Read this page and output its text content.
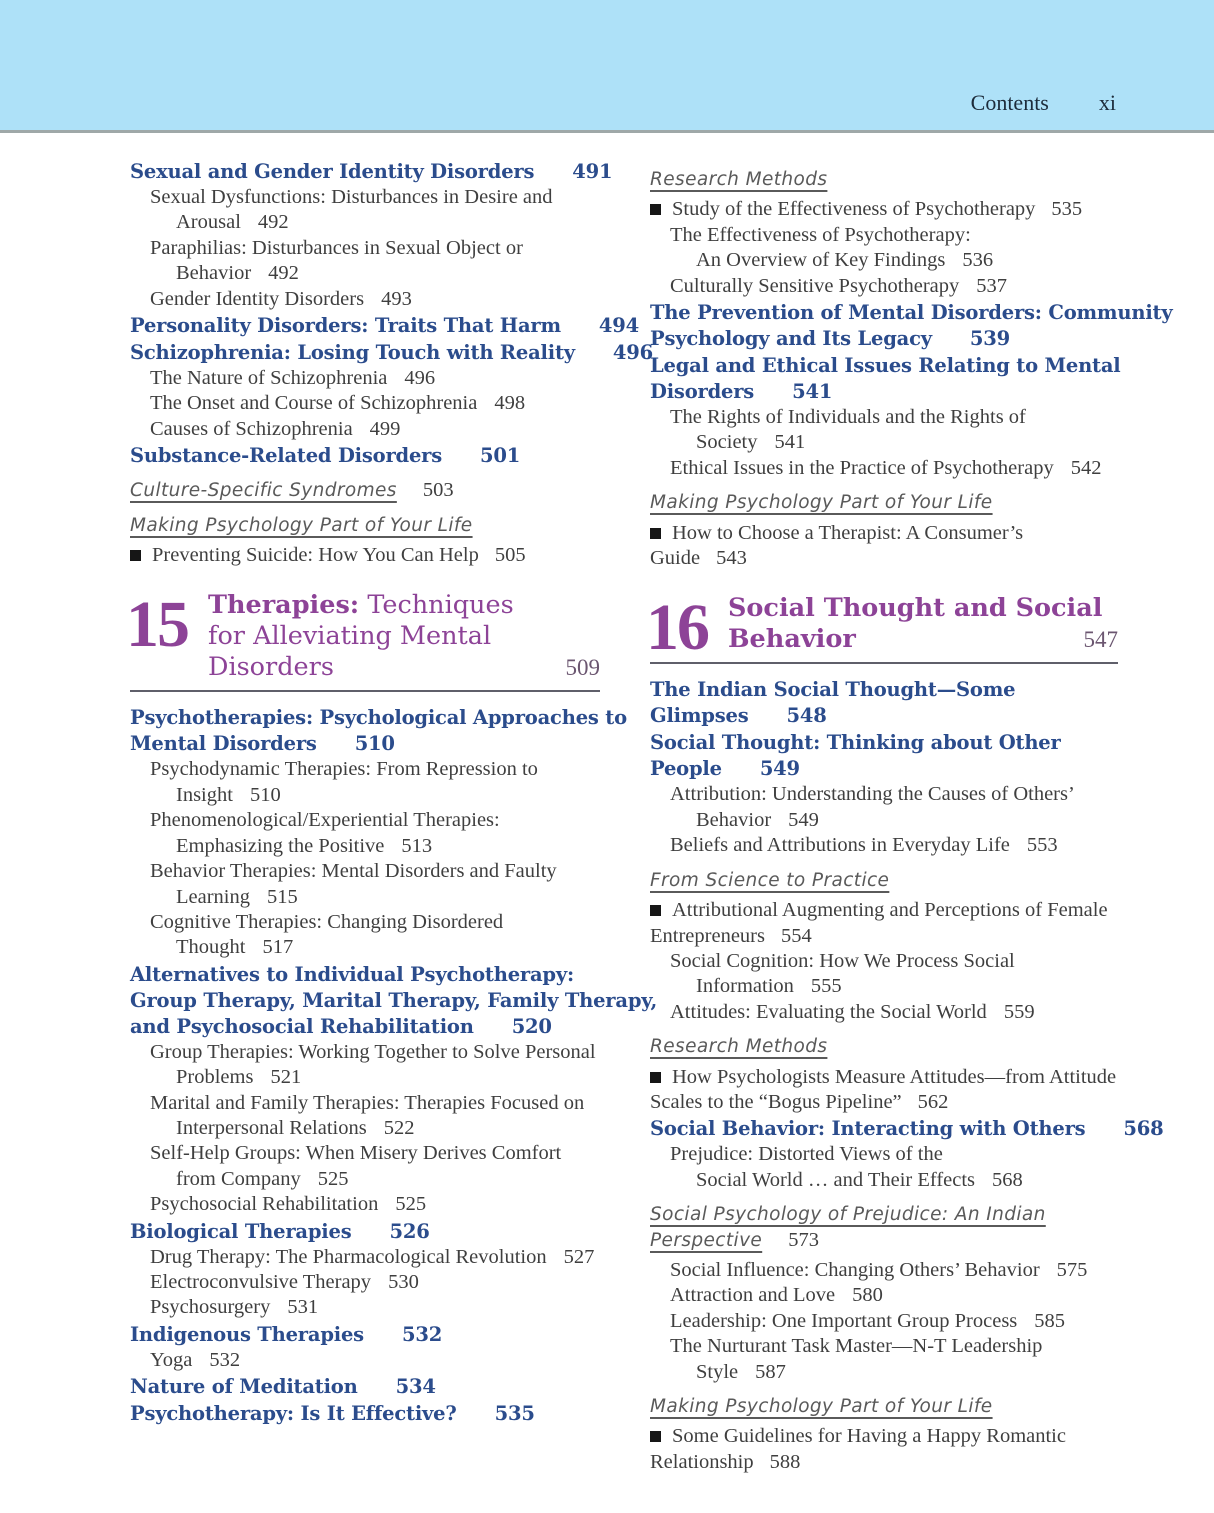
Contents xi
Sexual and Gender Identity Disorders 491
Sexual Dysfunctions: Disturbances in Desire and
Arousal 492
Paraphilias: Disturbances in Sexual Object or
Behavior 492
Gender Identity Disorders 493
Personality Disorders: Traits That Harm 494
Schizophrenia: Losing Touch with Reality 496
The Nature of Schizophrenia 496
The Onset and Course of Schizophrenia 498
Causes of Schizophrenia 499
Substance-Related Disorders 501
Culture-Specific Syndromes 503
Making Psychology Part of Your Life
Preventing Suicide: How You Can Help 505
15 Therapies: Techniques
for Alleviating Mental
Disorders	509
Psychotherapies: Psychological Approaches to
Mental Disorders 510
Psychodynamic Therapies: From Repression to
Insight 510
Phenomenological/Experiential Therapies:
Emphasizing the Positive 513
Behavior Therapies: Mental Disorders and Faulty
Learning 515
Cognitive Therapies: Changing Disordered
Thought 517
Alternatives to Individual Psychotherapy:
Group Therapy, Marital Therapy, Family Therapy,
and Psychosocial Rehabilitation 520
Group Therapies: Working Together to Solve Personal
Problems 521
Marital and Family Therapies: Therapies Focused on
Interpersonal Relations 522
Self-Help Groups: When Misery Derives Comfort
from Company 525
Psychosocial Rehabilitation 525
Biological Therapies 526
Drug Therapy: The Pharmacological Revolution 527
Electroconvulsive Therapy 530
Psychosurgery 531
Indigenous Therapies 532
Yoga 532
Nature of Meditation 534
Psychotherapy: Is It Effective? 535
Research Methods
Study of the Effectiveness of Psychotherapy 535
The Effectiveness of Psychotherapy:
An Overview of Key Findings 536
Culturally Sensitive Psychotherapy 537
The Prevention of Mental Disorders: Community
Psychology and Its Legacy 539
Legal and Ethical Issues Relating to Mental
Disorders 541
The Rights of Individuals and the Rights of
Society 541
Ethical Issues in the Practice of Psychotherapy 542
Making Psychology Part of Your Life
How to Choose a Therapist: A Consumer’s
Guide 543
16 Social Thought and Social
Behavior	547
The Indian Social Thought—Some
Glimpses 548
Social Thought: Thinking about Other
People 549
Attribution: Understanding the Causes of Others’
Behavior 549
Beliefs and Attributions in Everyday Life 553
From Science to Practice
Attributional Augmenting and Perceptions of Female
Entrepreneurs 554
Social Cognition: How We Process Social
Information 555
Attitudes: Evaluating the Social World 559
Research Methods
How Psychologists Measure Attitudes—from Attitude
Scales to the “Bogus Pipeline” 562
Social Behavior: Interacting with Others 568
Prejudice: Distorted Views of the
Social World … and Their Effects 568
Social Psychology of Prejudice: An Indian
Perspective 573
Social Influence: Changing Others’ Behavior 575
Attraction and Love 580
Leadership: One Important Group Process 585
The Nurturant Task Master—N-T Leadership
Style 587
Making Psychology Part of Your Life
Some Guidelines for Having a Happy Romantic
Relationship 588
